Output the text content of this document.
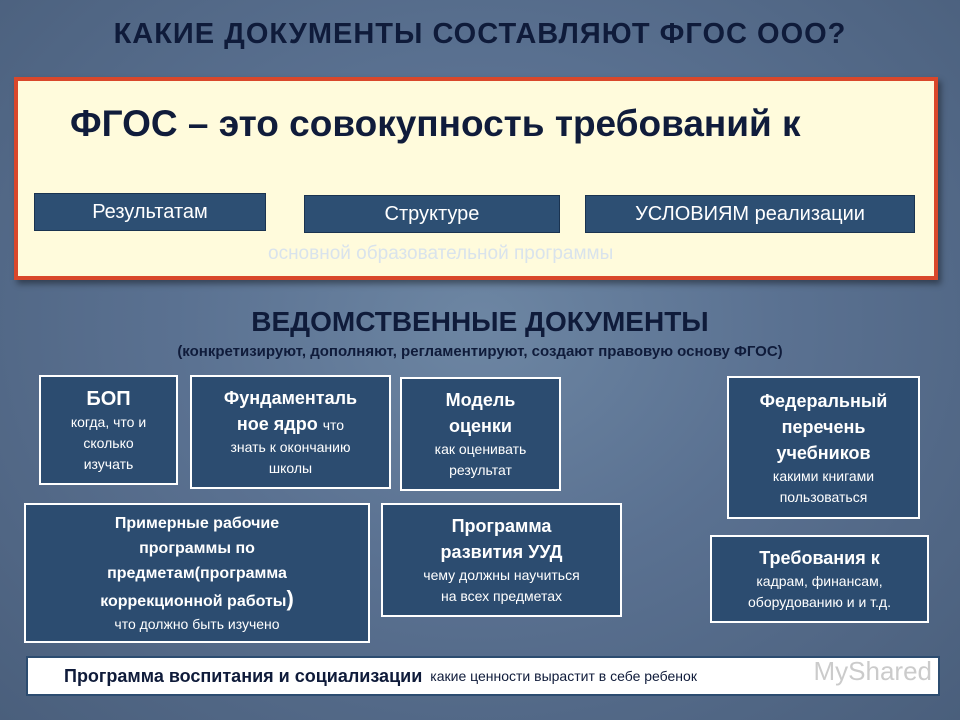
КАКИЕ ДОКУМЕНТЫ СОСТАВЛЯЮТ ФГОС ООО?
ФГОС – это совокупность требований к
Результатам	Структуре	УСЛОВИЯМ реализации
основной образовательной программы
ВЕДОМСТВЕННЫЕ ДОКУМЕНТЫ
(конкретизируют, дополняют, регламентируют, создают правовую основу ФГОС)
БОП
когда, что и
сколько
изучать
Фундаменталь
ное ядро что
знать к окончанию
школы
Модель
оценки
как оценивать
результат
Федеральный
перечень
учебников
какими книгами
пользоваться
Примерные рабочие
программы по
предметам(программа
коррекционной работы)
что должно быть изучено
Программа
развития УУД
чему должны научиться
на всех предметах
Требования к
кадрам, финансам,
оборудованию и и т.д.
Программа воспитания и социализации какие ценности вырастит в себе ребенок	MyShared
